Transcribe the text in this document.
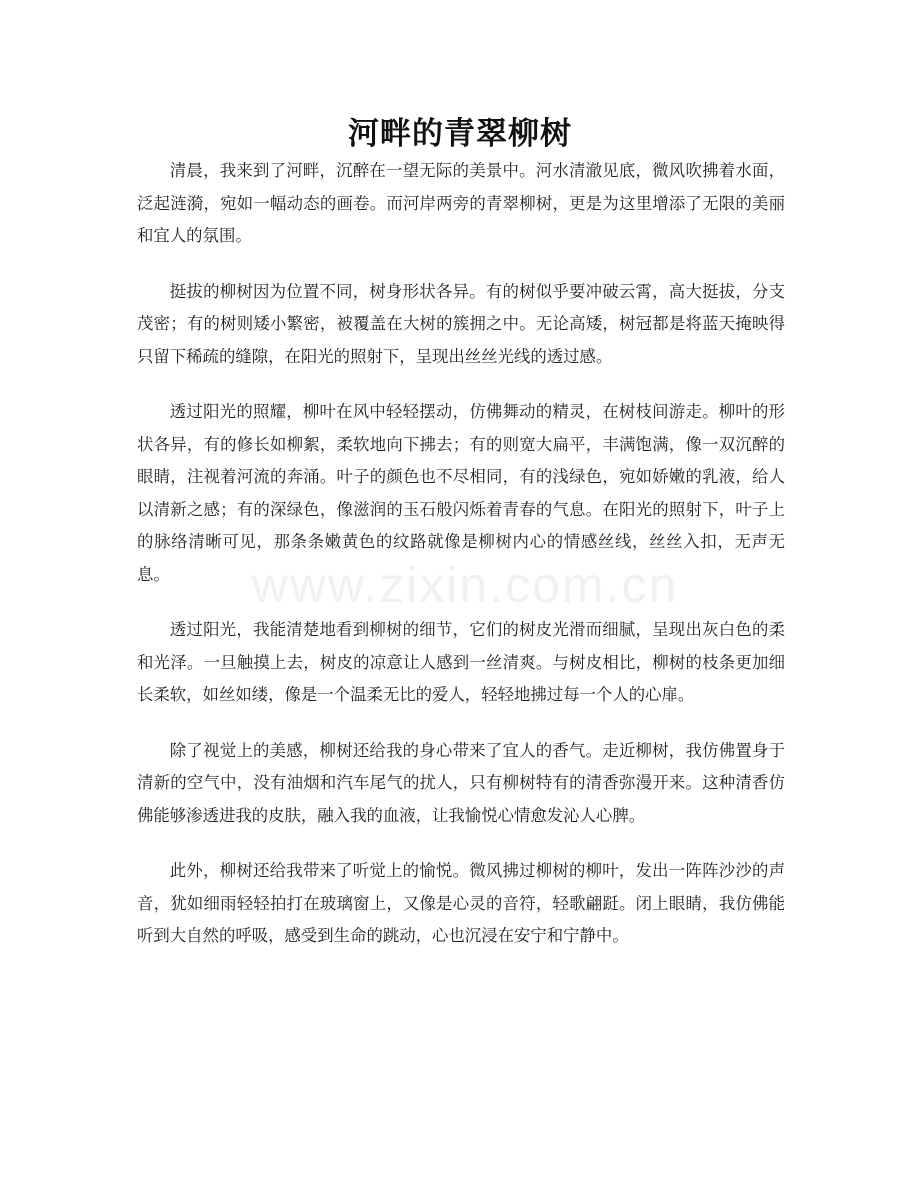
河畔的青翠柳树

清晨，我来到了河畔，沉醉在一望无际的美景中。河水清澈见底，微风吹拂着水面，泛起涟漪，宛如一幅动态的画卷。而河岸两旁的青翠柳树，更是为这里增添了无限的美丽和宜人的氛围。

挺拔的柳树因为位置不同，树身形状各异。有的树似乎要冲破云霄，高大挺拔，分支茂密；有的树则矮小繁密，被覆盖在大树的簇拥之中。无论高矮，树冠都是将蓝天掩映得只留下稀疏的缝隙，在阳光的照射下，呈现出丝丝光线的透过感。

透过阳光的照耀，柳叶在风中轻轻摆动，仿佛舞动的精灵，在树枝间游走。柳叶的形状各异，有的修长如柳絮，柔软地向下拂去；有的则宽大扁平，丰满饱满，像一双沉醉的眼睛，注视着河流的奔涌。叶子的颜色也不尽相同，有的浅绿色，宛如娇嫩的乳液，给人以清新之感；有的深绿色，像滋润的玉石般闪烁着青春的气息。在阳光的照射下，叶子上的脉络清晰可见，那条条嫩黄色的纹路就像是柳树内心的情感丝线，丝丝入扣，无声无息。

透过阳光，我能清楚地看到柳树的细节，它们的树皮光滑而细腻，呈现出灰白色的柔和光泽。一旦触摸上去，树皮的凉意让人感到一丝清爽。与树皮相比，柳树的枝条更加细长柔软，如丝如缕，像是一个温柔无比的爱人，轻轻地拂过每一个人的心扉。

除了视觉上的美感，柳树还给我的身心带来了宜人的香气。走近柳树，我仿佛置身于清新的空气中，没有油烟和汽车尾气的扰人，只有柳树特有的清香弥漫开来。这种清香仿佛能够渗透进我的皮肤，融入我的血液，让我愉悦心情愈发沁人心脾。

此外，柳树还给我带来了听觉上的愉悦。微风拂过柳树的柳叶，发出一阵阵沙沙的声音，犹如细雨轻轻拍打在玻璃窗上，又像是心灵的音符，轻歌翩跹。闭上眼睛，我仿佛能听到大自然的呼吸，感受到生命的跳动，心也沉浸在安宁和宁静中。

www.zixin.com.cn
